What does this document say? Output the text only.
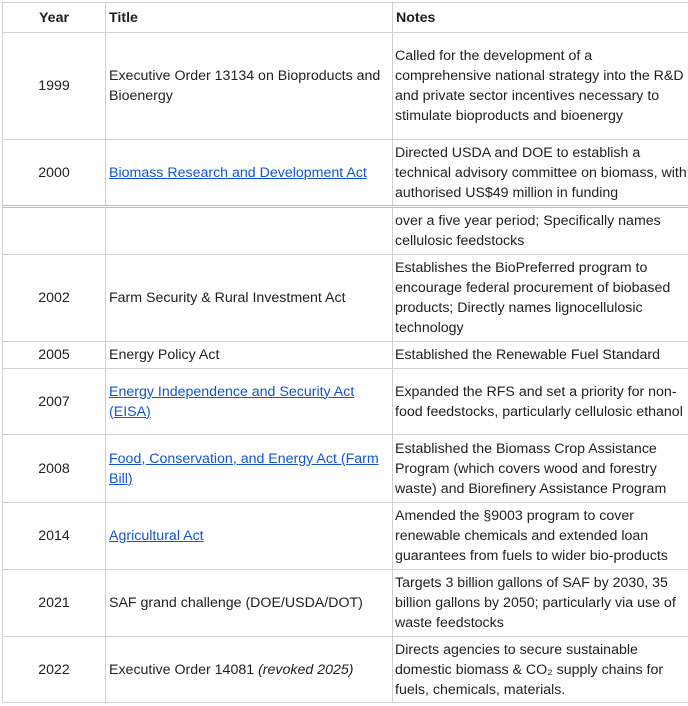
Year	Title	Notes
1999	Executive Order 13134 on Bioproducts and Bioenergy	Called for the development of a comprehensive national strategy into the R&D and private sector incentives necessary to stimulate bioproducts and bioenergy
2000	Biomass Research and Development Act	Directed USDA and DOE to establish a technical advisory committee on biomass, with authorised US$49 million in funding
		over a five year period; Specifically names cellulosic feedstocks
2002	Farm Security & Rural Investment Act	Establishes the BioPreferred program to encourage federal procurement of biobased products; Directly names lignocellulosic technology
2005	Energy Policy Act	Established the Renewable Fuel Standard
2007	Energy Independence and Security Act (EISA)	Expanded the RFS and set a priority for non-food feedstocks, particularly cellulosic ethanol
2008	Food, Conservation, and Energy Act (Farm Bill)	Established the Biomass Crop Assistance Program (which covers wood and forestry waste) and Biorefinery Assistance Program
2014	Agricultural Act	Amended the §9003 program to cover renewable chemicals and extended loan guarantees from fuels to wider bio-products
2021	SAF grand challenge (DOE/USDA/DOT)	Targets 3 billion gallons of SAF by 2030, 35 billion gallons by 2050; particularly via use of waste feedstocks
2022	Executive Order 14081 (revoked 2025)	Directs agencies to secure sustainable domestic biomass & CO₂ supply chains for fuels, chemicals, materials.
